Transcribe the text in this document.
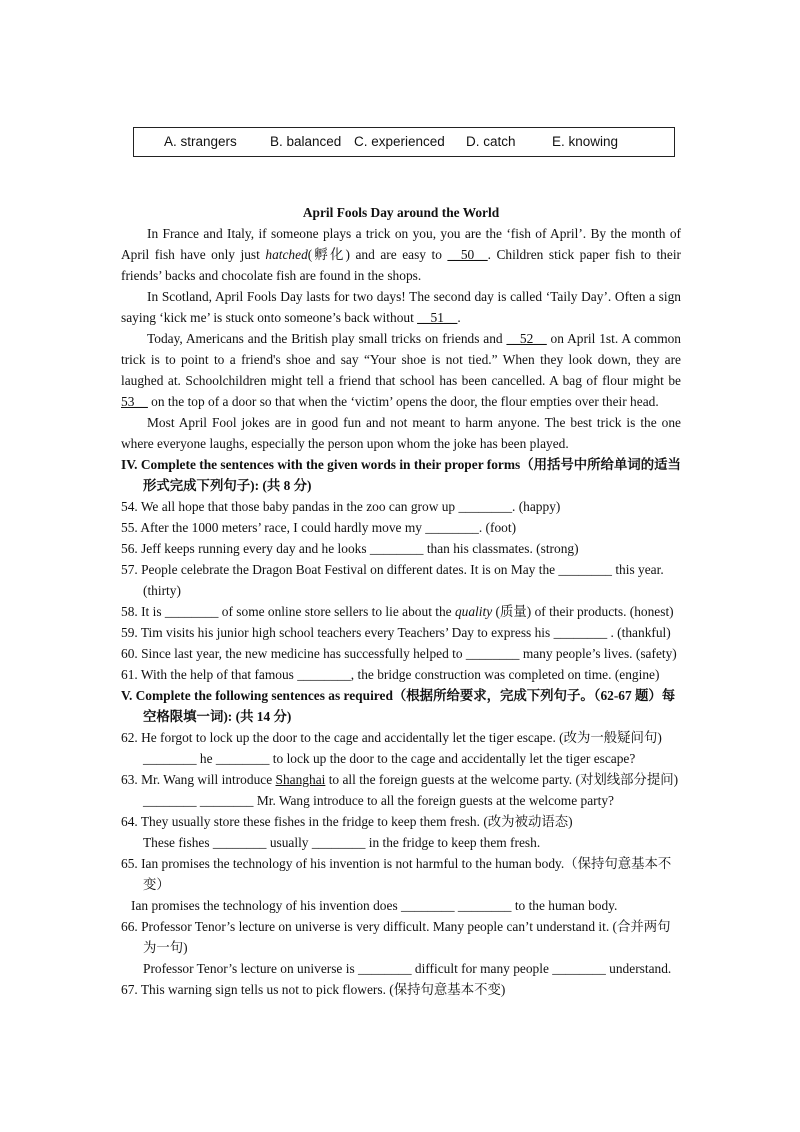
A. strangers B. balanced C. experienced D. catch	E. knowing

April Fools Day around the World

In France and Italy, if someone plays a trick on you, you are the ‘fish of April’. By the month of April fish have only just hatched(孵化) and are easy to __50__. Children stick paper fish to their friends’ backs and chocolate fish are found in the shops.

In Scotland, April Fools Day lasts for two days! The second day is called ‘Taily Day’. Often a sign saying ‘kick me’ is stuck onto someone’s back without __51__.

Today, Americans and the British play small tricks on friends and __52__ on April 1st. A common trick is to point to a friend's shoe and say “Your shoe is not tied.” When they look down, they are laughed at. Schoolchildren might tell a friend that school has been cancelled. A bag of flour might be 53__ on the top of a door so that when the ‘victim’ opens the door, the flour empties over their head.

Most April Fool jokes are in good fun and not meant to harm anyone. The best trick is the one where everyone laughs, especially the person upon whom the joke has been played.

IV. Complete the sentences with the given words in their proper forms（用括号中所给单词的适当形式完成下列句子): (共 8 分)

54. We all hope that those baby pandas in the zoo can grow up ________. (happy)

55. After the 1000 meters’ race, I could hardly move my ________. (foot)

56. Jeff keeps running every day and he looks ________ than his classmates. (strong)

57. People celebrate the Dragon Boat Festival on different dates. It is on May the ________ this year. (thirty)

58. It is ________ of some online store sellers to lie about the quality (质量) of their products. (honest)

59. Tim visits his junior high school teachers every Teachers’ Day to express his ________ . (thankful)

60. Since last year, the new medicine has successfully helped to ________ many people’s lives. (safety)

61. With the help of that famous ________, the bridge construction was completed on time. (engine)

V. Complete the following sentences as required（根据所给要求，完成下列句子。（62-67 题）每空格限填一词): (共 14 分)

62. He forgot to lock up the door to the cage and accidentally let the tiger escape. (改为一般疑问句)

________ he ________ to lock up the door to the cage and accidentally let the tiger escape?

63. Mr. Wang will introduce Shanghai to all the foreign guests at the welcome party. (对划线部分提问)

________ ________ Mr. Wang introduce to all the foreign guests at the welcome party?

64. They usually store these fishes in the fridge to keep them fresh. (改为被动语态)

These fishes ________ usually ________ in the fridge to keep them fresh.

65. Ian promises the technology of his invention is not harmful to the human body.（保持句意基本不变）

Ian promises the technology of his invention does ________ ________ to the human body.

66. Professor Tenor’s lecture on universe is very difficult. Many people can’t understand it. (合并两句为一句)

Professor Tenor’s lecture on universe is ________ difficult for many people ________ understand.

67. This warning sign tells us not to pick flowers. (保持句意基本不变)
